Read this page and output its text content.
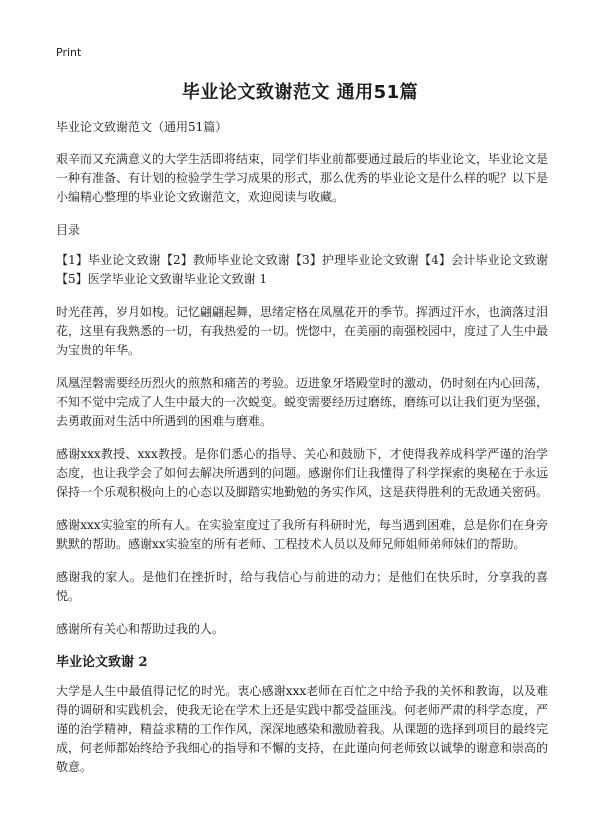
Print
毕业论文致谢范文 通用51篇

毕业论文致谢范文（通用51篇）

艰辛而又充满意义的大学生活即将结束，同学们毕业前都要通过最后的毕业论文，毕业论文是一种有准备、有计划的检验学生学习成果的形式，那么优秀的毕业论文是什么样的呢？以下是小编精心整理的毕业论文致谢范文，欢迎阅读与收藏。

目录

【1】毕业论文致谢【2】教师毕业论文致谢【3】护理毕业论文致谢【4】会计毕业论文致谢【5】医学毕业论文致谢毕业论文致谢 1

时光荏苒，岁月如梭。记忆翩翩起舞，思绪定格在凤凰花开的季节。挥洒过汗水，也滴落过泪花，这里有我熟悉的一切，有我热爱的一切。恍惚中，在美丽的南强校园中，度过了人生中最为宝贵的年华。

凤凰涅磐需要经历烈火的煎熬和痛苦的考验。迈进象牙塔殿堂时的激动，仍时刻在内心回荡，不知不觉中完成了人生中最大的一次蜕变。蜕变需要经历过磨练，磨练可以让我们更为坚强，去勇敢面对生活中所遇到的困难与磨难。

感谢xxx教授、xxx教授。是你们悉心的指导、关心和鼓励下，才使得我养成科学严谨的治学态度，也让我学会了如何去解决所遇到的问题。感谢你们让我懂得了科学探索的奥秘在于永远保持一个乐观积极向上的心态以及脚踏实地勤勉的务实作风，这是获得胜利的无敌通关密码。

感谢xxx实验室的所有人。在实验室度过了我所有科研时光，每当遇到困难，总是你们在身旁默默的帮助。感谢xx实验室的所有老师、工程技术人员以及师兄师姐师弟师妹们的帮助。

感谢我的家人。是他们在挫折时，给与我信心与前进的动力；是他们在快乐时，分享我的喜悦。

感谢所有关心和帮助过我的人。

毕业论文致谢 2

大学是人生中最值得记忆的时光。衷心感谢xxx老师在百忙之中给予我的关怀和教诲，以及难得的调研和实践机会，使我无论在学术上还是实践中都受益匪浅。何老师严肃的科学态度，严谨的治学精神，精益求精的工作作风，深深地感染和激励着我。从课题的选择到项目的最终完成，何老师都始终给予我细心的指导和不懈的支持，在此谨向何老师致以诚挚的谢意和崇高的敬意。
